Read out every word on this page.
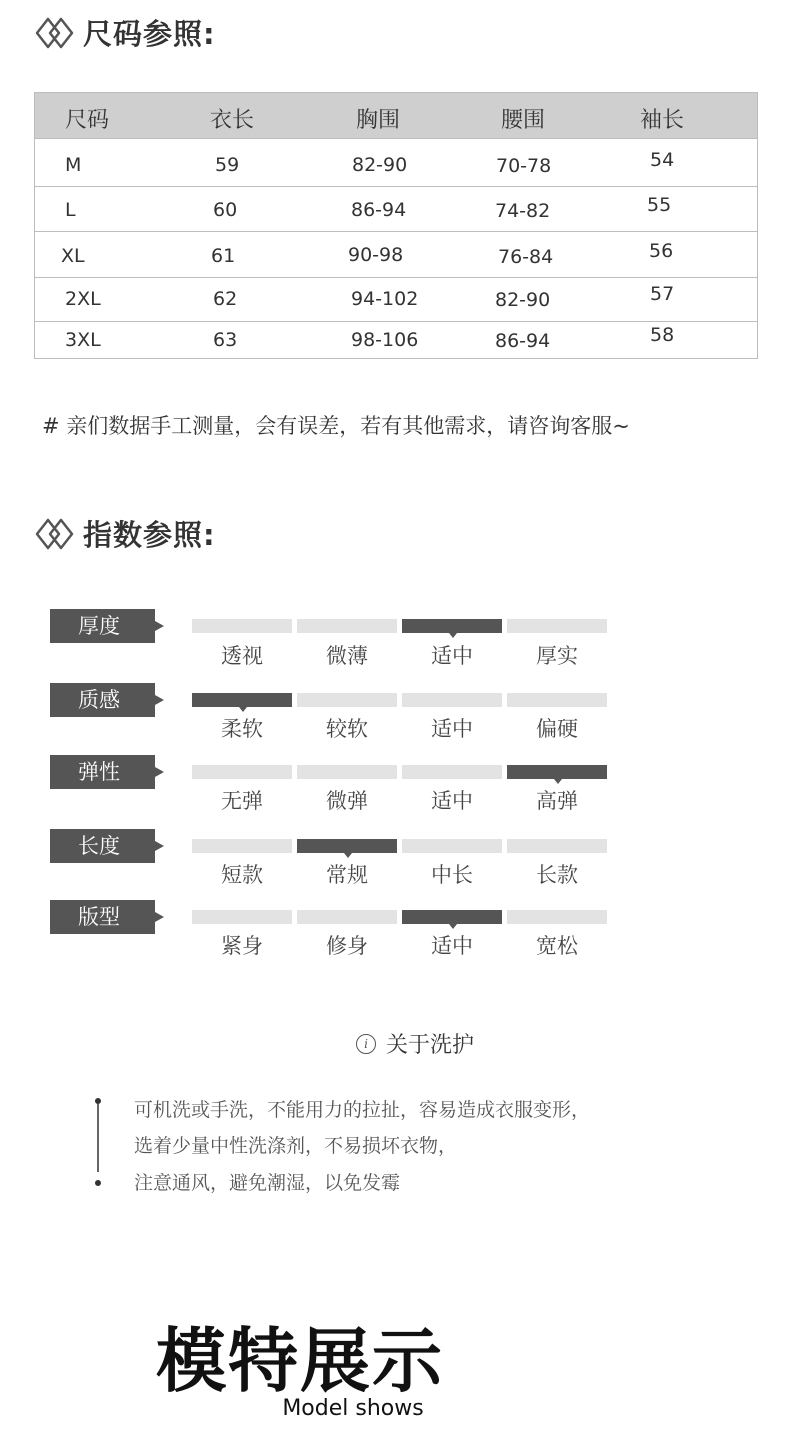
尺码参照:
尺码	衣长	胸围	腰围	袖长
M	59	82-90	70-78	54
L	60	86-94	74-82	55
XL	61	90-98	76-84	56
2XL	62	94-102	82-90	57
3XL	63	98-106	86-94	58
# 亲们数据手工测量，会有误差，若有其他需求，请咨询客服~
指数参照:
厚度
透视	微薄	适中	厚实
质感
柔软	较软	适中	偏硬
弹性
无弹	微弹	适中	高弹
长度
短款	常规	中长	长款
版型
紧身	修身	适中	宽松
i 关于洗护
可机洗或手洗，不能用力的拉扯，容易造成衣服变形，
选着少量中性洗涤剂，不易损坏衣物，
注意通风，避免潮湿，以免发霉
模特展示
Model shows
